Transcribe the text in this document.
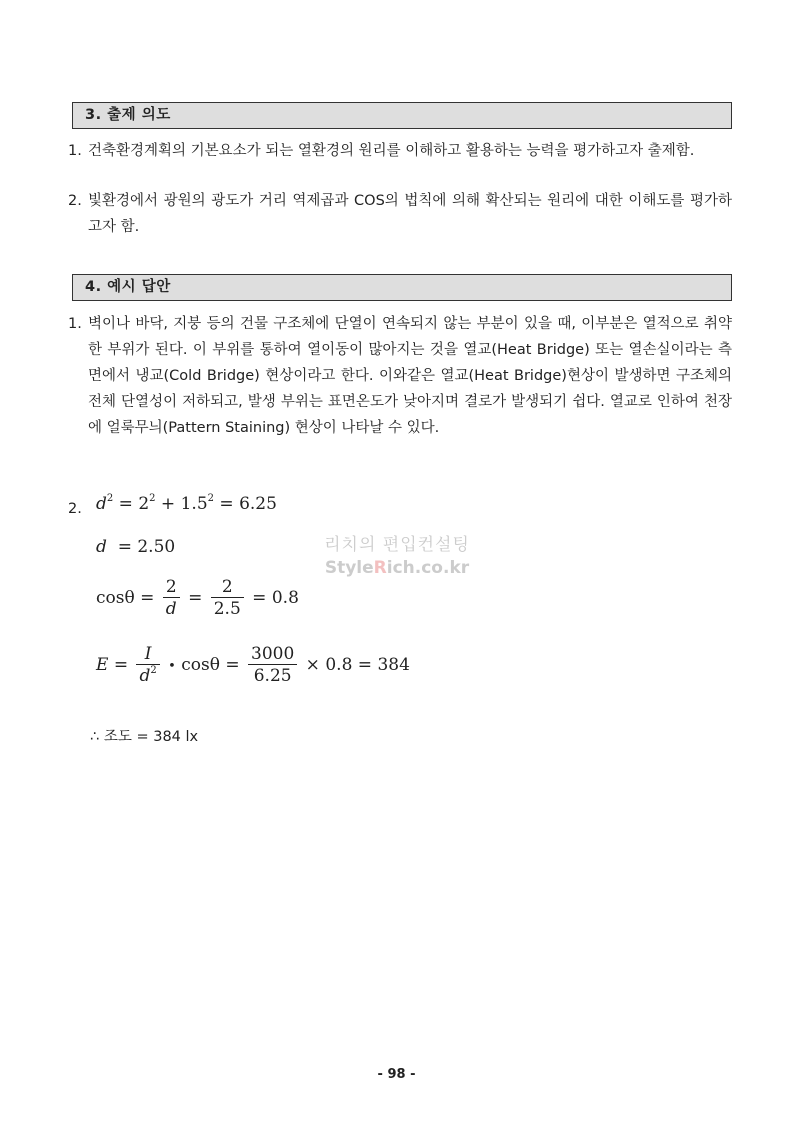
3. 출제 의도
1. 건축환경계획의 기본요소가 되는 열환경의 원리를 이해하고 활용하는 능력을 평가하고자 출제함.
2. 빛환경에서 광원의 광도가 거리 역제곱과 COS의 법칙에 의해 확산되는 원리에 대한 이해도를 평가하고자 함.
4. 예시 답안
1. 벽이나 바닥, 지붕 등의 건물 구조체에 단열이 연속되지 않는 부분이 있을 때, 이부분은 열적으로 취약한 부위가 된다. 이 부위를 통하여 열이동이 많아지는 것을 열교(Heat Bridge) 또는 열손실이라는 측면에서 냉교(Cold Bridge) 현상이라고 한다. 이와같은 열교(Heat Bridge)현상이 발생하면 구조체의 전체 단열성이 저하되고, 발생 부위는 표면온도가 낮아지며 결로가 발생되기 쉽다. 열교로 인하여 천장에 얼룩무늬(Pattern Staining) 현상이 나타날 수 있다.
2. $d^2 = 2^2 + 1.5^2 = 6.25$
d  = 2.50
$\cos\theta = \frac{2}{d} = \frac{2}{2.5} = 0.8$
$E = \frac{I}{d^2}$ • $\cos\theta = \frac{3000}{6.25} \times 0.8 = 384$
∴ 조도 = 384 lx
리치의 편입컨설팅
StyleRich.co.kr
- 98 -
